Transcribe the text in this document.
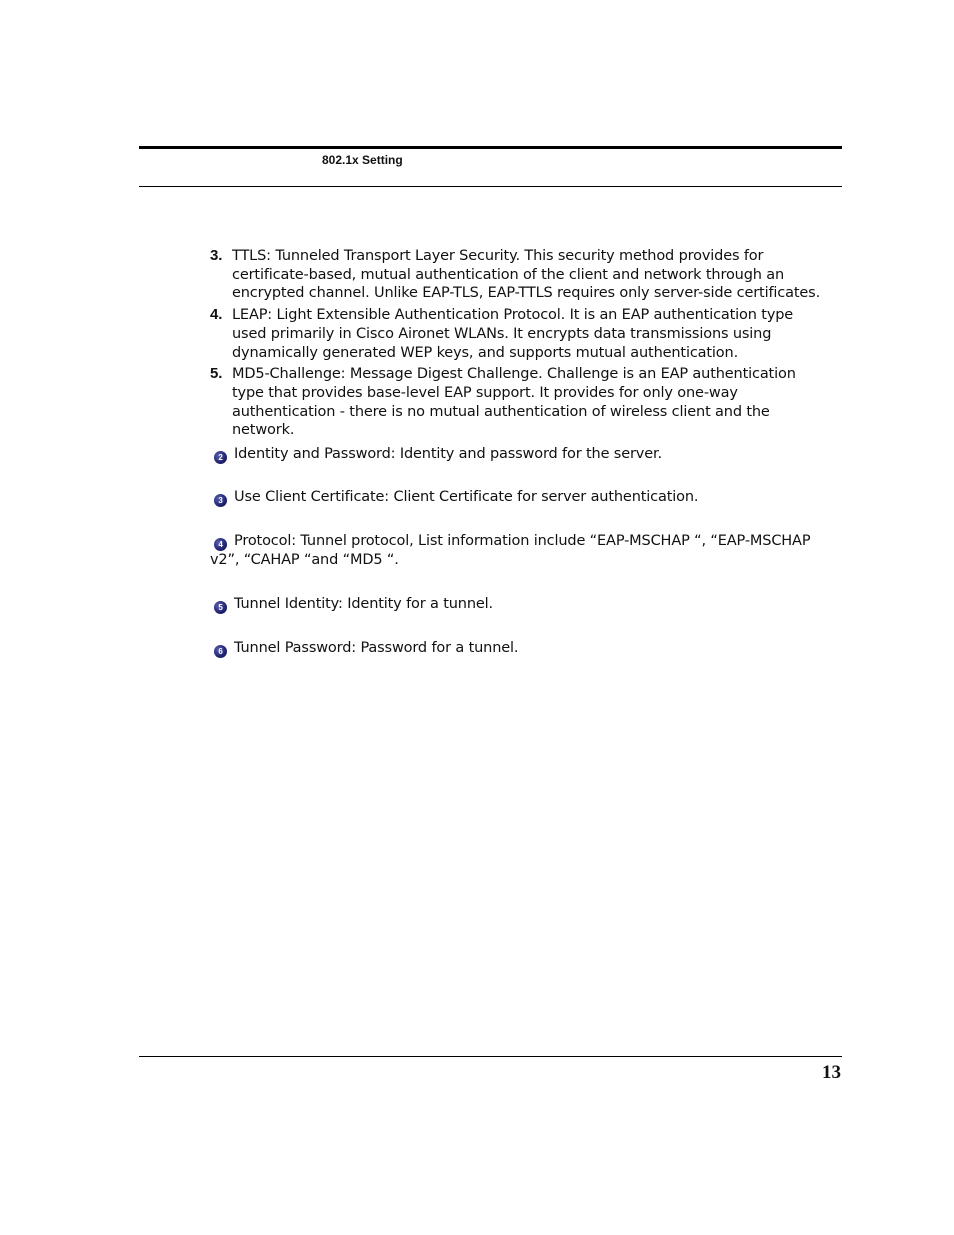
802.1x Setting
3. TTLS: Tunneled Transport Layer Security. This security method provides for certificate-based, mutual authentication of the client and network through an encrypted channel. Unlike EAP-TLS, EAP-TTLS requires only server-side certificates.
4. LEAP: Light Extensible Authentication Protocol. It is an EAP authentication type used primarily in Cisco Aironet WLANs. It encrypts data transmissions using dynamically generated WEP keys, and supports mutual authentication.
5. MD5-Challenge: Message Digest Challenge. Challenge is an EAP authentication type that provides base-level EAP support. It provides for only one-way authentication - there is no mutual authentication of wireless client and the network.
2 Identity and Password: Identity and password for the server.
3 Use Client Certificate: Client Certificate for server authentication.
4 Protocol: Tunnel protocol, List information include “EAP-MSCHAP “, “EAP-MSCHAP v2”, “CAHAP “and “MD5 “.
5 Tunnel Identity: Identity for a tunnel.
6 Tunnel Password: Password for a tunnel.
13
